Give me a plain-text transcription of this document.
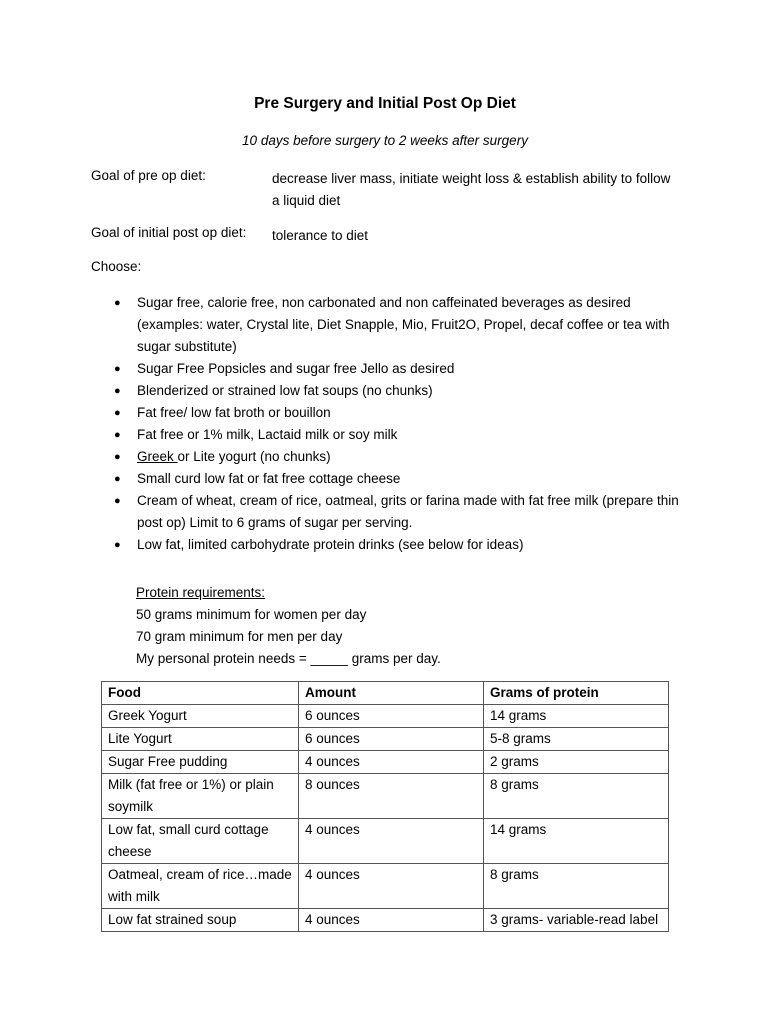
Pre Surgery and Initial Post Op Diet
10 days before surgery to 2 weeks after surgery
Goal of pre op diet:	decrease liver mass, initiate weight loss & establish ability to follow a liquid diet
Goal of initial post op diet: tolerance to diet
Choose:
● Sugar free, calorie free, non carbonated and non caffeinated beverages as desired (examples: water, Crystal lite, Diet Snapple, Mio, Fruit2O, Propel, decaf coffee or tea with sugar substitute)
● Sugar Free Popsicles and sugar free Jello as desired
● Blenderized or strained low fat soups (no chunks)
● Fat free/ low fat broth or bouillon
● Fat free or 1% milk, Lactaid milk or soy milk
● Greek or Lite yogurt (no chunks)
● Small curd low fat or fat free cottage cheese
● Cream of wheat, cream of rice, oatmeal, grits or farina made with fat free milk (prepare thin post op) Limit to 6 grams of sugar per serving.
● Low fat, limited carbohydrate protein drinks (see below for ideas)
Protein requirements:
50 grams minimum for women per day
70 gram minimum for men per day
My personal protein needs = _____ grams per day.
Food	Amount	Grams of protein
Greek Yogurt	6 ounces	14 grams
Lite Yogurt	6 ounces	5-8 grams
Sugar Free pudding	4 ounces	2 grams
Milk (fat free or 1%) or plain soymilk	8 ounces	8 grams
Low fat, small curd cottage cheese	4 ounces	14 grams
Oatmeal, cream of rice…made with milk	4 ounces	8 grams
Low fat strained soup	4 ounces	3 grams- variable-read label
